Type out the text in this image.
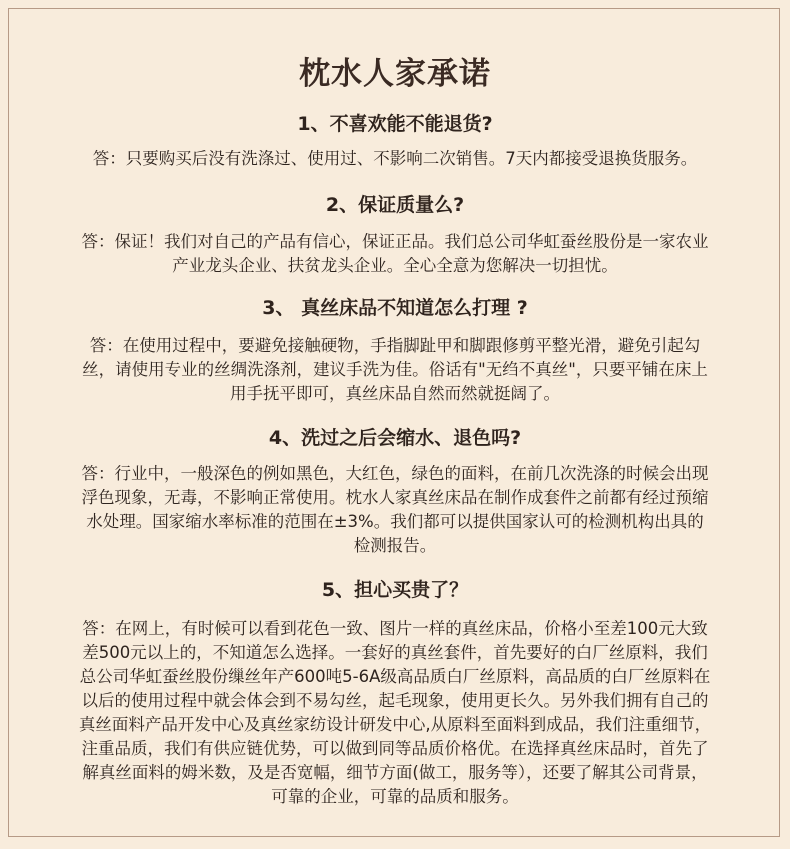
枕水人家承诺
1、不喜欢能不能退货?
答：只要购买后没有洗涤过、使用过、不影响二次销售。7天内都接受退换货服务。
2、保证质量么?
答：保证！我们对自己的产品有信心，保证正品。我们总公司华虹蚕丝股份是一家农业
产业龙头企业、扶贫龙头企业。全心全意为您解决一切担忧。
3、 真丝床品不知道怎么打理 ?
答：在使用过程中，要避免接触硬物，手指脚趾甲和脚跟修剪平整光滑，避免引起勾
丝，请使用专业的丝绸洗涤剂，建议手洗为佳。俗话有"无绉不真丝"，只要平铺在床上
用手抚平即可，真丝床品自然而然就挺阔了。
4、洗过之后会缩水、退色吗?
答：行业中，一般深色的例如黑色，大红色，绿色的面料，在前几次洗涤的时候会出现
浮色现象，无毒，不影响正常使用。枕水人家真丝床品在制作成套件之前都有经过预缩
水处理。国家缩水率标准的范围在±3%。我们都可以提供国家认可的检测机构出具的
检测报告。
5、担心买贵了？
答：在网上，有时候可以看到花色一致、图片一样的真丝床品，价格小至差100元大致
差500元以上的，不知道怎么选择。一套好的真丝套件，首先要好的白厂丝原料，我们
总公司华虹蚕丝股份缫丝年产600吨5-6A级高品质白厂丝原料，高品质的白厂丝原料在
以后的使用过程中就会体会到不易勾丝，起毛现象，使用更长久。另外我们拥有自己的
真丝面料产品开发中心及真丝家纺设计研发中心,从原料至面料到成品，我们注重细节，
注重品质，我们有供应链优势，可以做到同等品质价格优。在选择真丝床品时，首先了
解真丝面料的姆米数，及是否宽幅，细节方面(做工，服务等），还要了解其公司背景，
可靠的企业，可靠的品质和服务。
